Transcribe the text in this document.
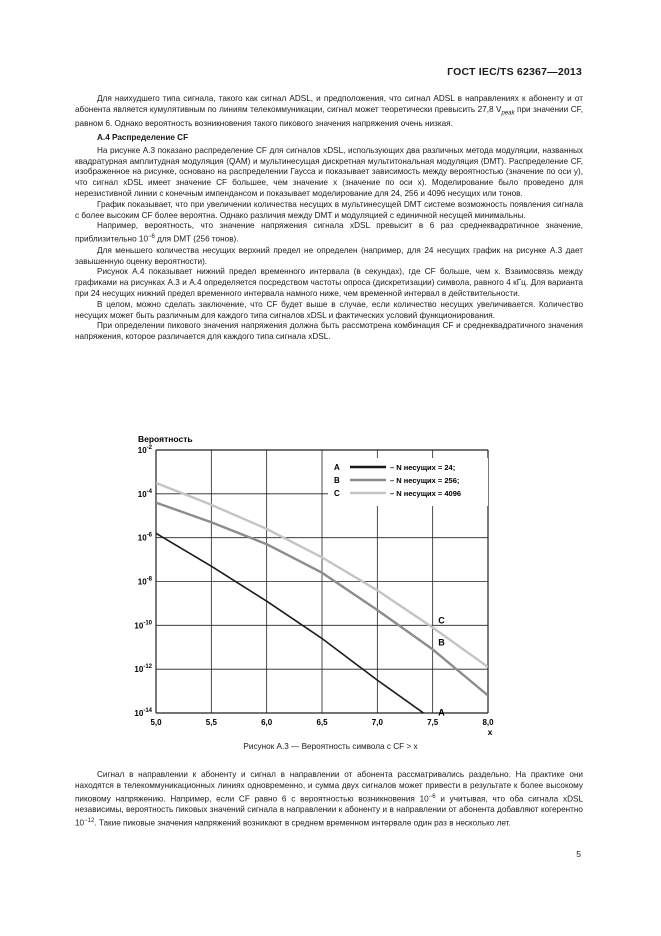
ГОСТ IEC/TS 62367—2013

Для наихудшего типа сигнала, такого как сигнал ADSL, и предположения, что сигнал ADSL в направлениях к абоненту и от абонента является кумулятивным по линиям телекоммуникации, сигнал может теоретически превысить 27,8 $V_{peak}$ при значении CF, равном 6. Однако вероятность возникновения такого пикового значения напряжения очень низкая.

A.4 Распределение CF

На рисунке А.3 показано распределение CF для сигналов xDSL, использующих два различных метода модуляции, названных квадратурная амплитудная модуляция (QAM) и мультинесущая дискретная мультитональная модуляция (DMT). Распределение CF, изображенное на рисунке, основано на распределении Гаусса и показывает зависимость между вероятностью (значение по оси y), что сигнал xDSL имеет значение CF большее, чем значение x (значение по оси x). Моделирование было проведено для нерезистивной линии с конечным импендансом и показывает моделирование для 24, 256 и 4096 несущих или тонов.

График показывает, что при увеличении количества несущих в мультинесущей DMT системе возможность появления сигнала с более высоким CF более вероятна. Однако различия между DMT и модуляцией с единичной несущей минимальны.

Например, вероятность, что значение напряжения сигнала xDSL превысит в 6 раз среднеквадратичное значение, приблизительно $10^{-6}$ для DMT (256 тонов).

Для меньшего количества несущих верхний предел не определен (например, для 24 несущих график на рисунке А.3 дает завышенную оценку вероятности).

Рисунок А.4 показывает нижний предел временного интервала (в секундах), где CF больше, чем x. Взаимосвязь между графиками на рисунках А.3 и А.4 определяется посредством частоты опроса (дискретизации) символа, равного 4 кГц. Для варианта при 24 несущих нижний предел временного интервала намного ниже, чем временной интервал в действительности.

В целом, можно сделать заключение, что CF будет выше в случае, если количество несущих увеличивается. Количество несущих может быть различным для каждого типа сигналов xDSL и фактических условий функционирования.

При определении пикового значения напряжения должна быть рассмотрена комбинация CF и среднеквадратичного значения напряжения, которое различается для каждого типа сигнала xDSL.

5,0	5,5	6,0	6,5	7,0	7,5	8,0
$10^{-2}$
$10^{-4}$
$10^{-6}$
$10^{-8}$
$10^{-10}$
$10^{-12}$
$10^{-14}$
Вероятность
x
A	– N несущих = 24;
B	– N несущих = 256;
C	– N несущих = 4096
A
B
C
Рисунок А.3 — Вероятность символа с CF > x

Сигнал в направлении к абоненту и сигнал в направлении от абонента рассматривались раздельно. На практике они находятся в телекоммуникационных линиях одновременно, и сумма двух сигналов может привести в результате к более высокому пиковому напряжению. Например, если CF равно 6 с вероятностью возникновения $10^{-6}$ и учитывая, что оба сигнала xDSL независимы, вероятность пиковых значений сигнала в направлении к абоненту и в направлении от абонента добавляют когерентно $10^{-12}$. Такие пиковые значения напряжений возникают в среднем временном интервале один раз в несколько лет.

5
